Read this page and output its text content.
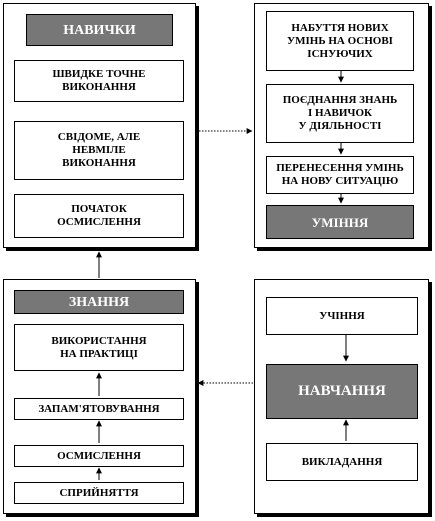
НАВИЧКИ
ШВИДКЕ ТОЧНЕ
ВИКОНАННЯ
СВІДОМЕ, АЛЕ
НЕВМІЛЕ
ВИКОНАННЯ
ПОЧАТОК
ОСМИСЛЕННЯ
НАБУТТЯ НОВИХ
УМІНЬ НА ОСНОВІ
ІСНУЮЧИХ
ПОЄДНАННЯ ЗНАНЬ
І НАВИЧОК
У ДІЯЛЬНОСТІ
ПЕРЕНЕСЕННЯ УМІНЬ
НА НОВУ СИТУАЦІЮ
УМІННЯ
ЗНАННЯ
ВИКОРИСТАННЯ
НА ПРАКТИЦІ
ЗАПАМ'ЯТОВУВАННЯ
ОСМИСЛЕННЯ
СПРИЙНЯТТЯ
УЧІННЯ
НАВЧАННЯ
ВИКЛАДАННЯ
